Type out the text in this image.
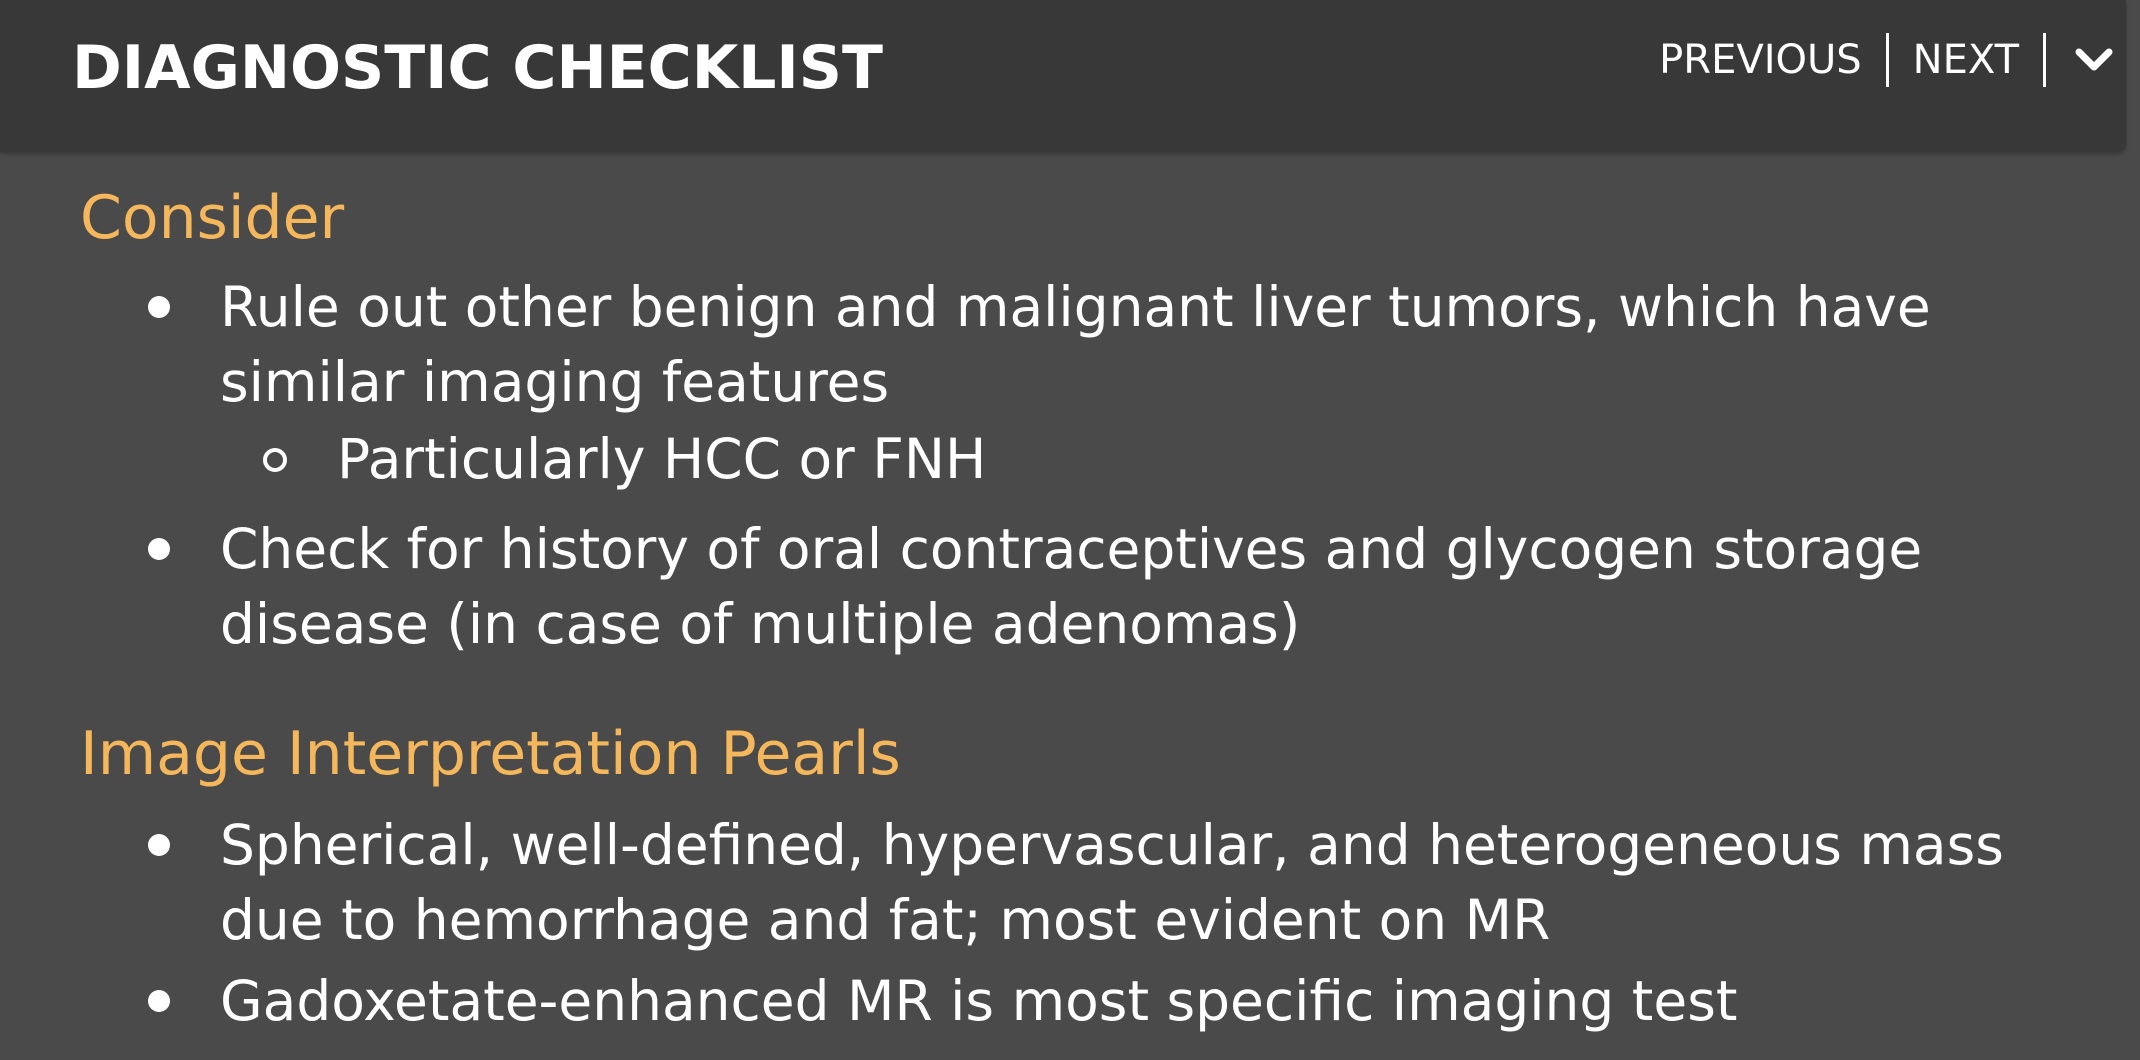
DIAGNOSTIC CHECKLIST	PREVIOUS NEXT
Consider
Rule out other benign and malignant liver tumors, which have
similar imaging features
Particularly HCC or FNH
Check for history of oral contraceptives and glycogen storage
disease (in case of multiple adenomas)
Image Interpretation Pearls
Spherical, well-defined, hypervascular, and heterogeneous mass
due to hemorrhage and fat; most evident on MR
Gadoxetate-enhanced MR is most specific imaging test
